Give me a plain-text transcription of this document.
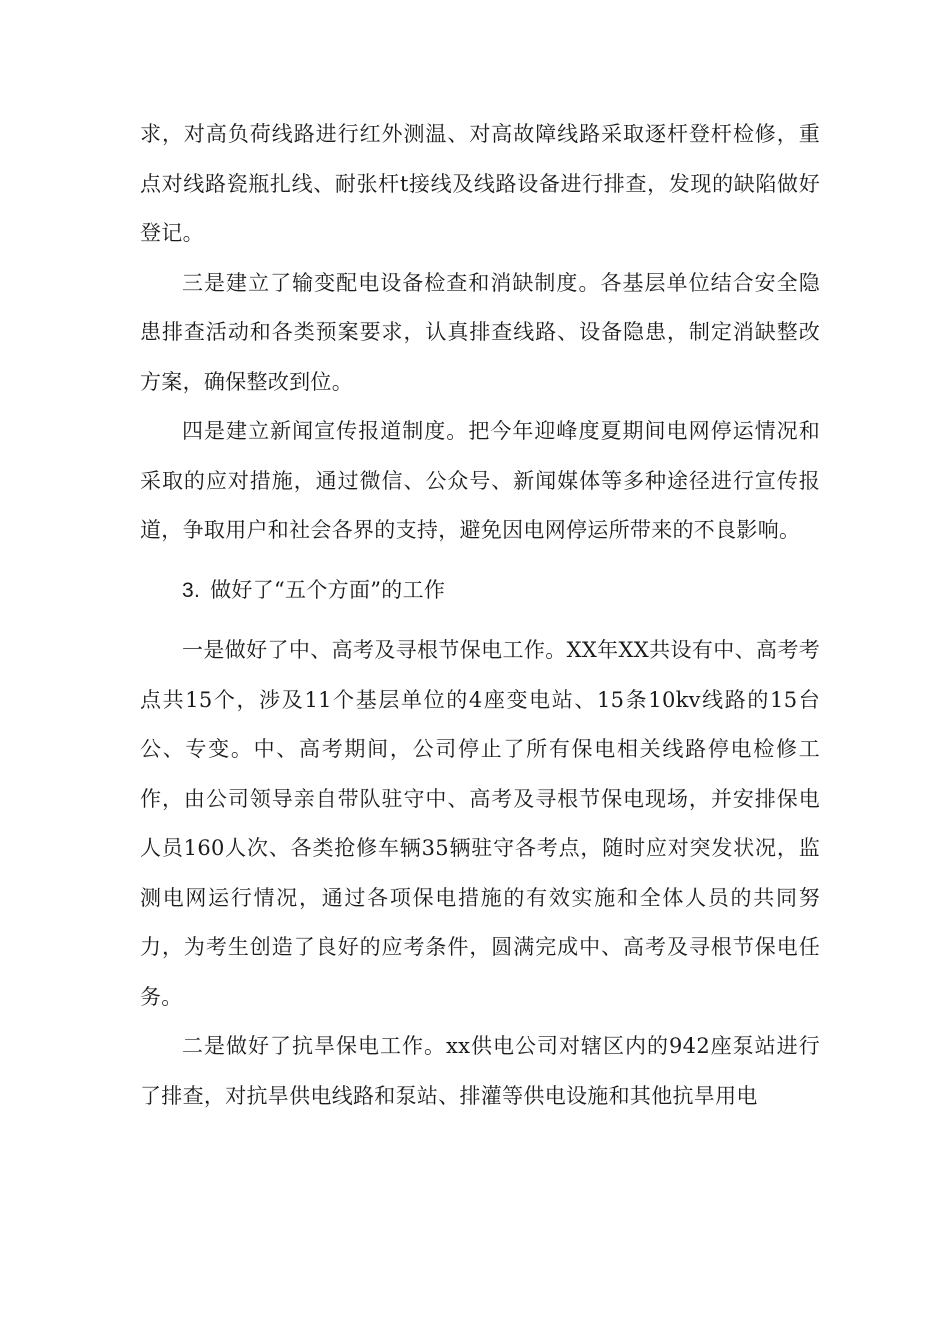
求，对高负荷线路进行红外测温、对高故障线路采取逐杆登杆检修，重点对线路瓷瓶扎线、耐张杆t接线及线路设备进行排查，发现的缺陷做好登记。

三是建立了输变配电设备检查和消缺制度。各基层单位结合安全隐患排查活动和各类预案要求，认真排查线路、设备隐患，制定消缺整改方案，确保整改到位。

四是建立新闻宣传报道制度。把今年迎峰度夏期间电网停运情况和采取的应对措施，通过微信、公众号、新闻媒体等多种途径进行宣传报道，争取用户和社会各界的支持，避免因电网停运所带来的不良影响。

3. 做好了“五个方面”的工作

一是做好了中、高考及寻根节保电工作。XX年XX共设有中、高考考点共15个，涉及11个基层单位的4座变电站、15条10kv线路的15台公、专变。中、高考期间，公司停止了所有保电相关线路停电检修工作，由公司领导亲自带队驻守中、高考及寻根节保电现场，并安排保电人员160人次、各类抢修车辆35辆驻守各考点，随时应对突发状况，监测电网运行情况，通过各项保电措施的有效实施和全体人员的共同努力，为考生创造了良好的应考条件，圆满完成中、高考及寻根节保电任务。

二是做好了抗旱保电工作。xx供电公司对辖区内的942座泵站进行了排查，对抗旱供电线路和泵站、排灌等供电设施和其他抗旱用电
